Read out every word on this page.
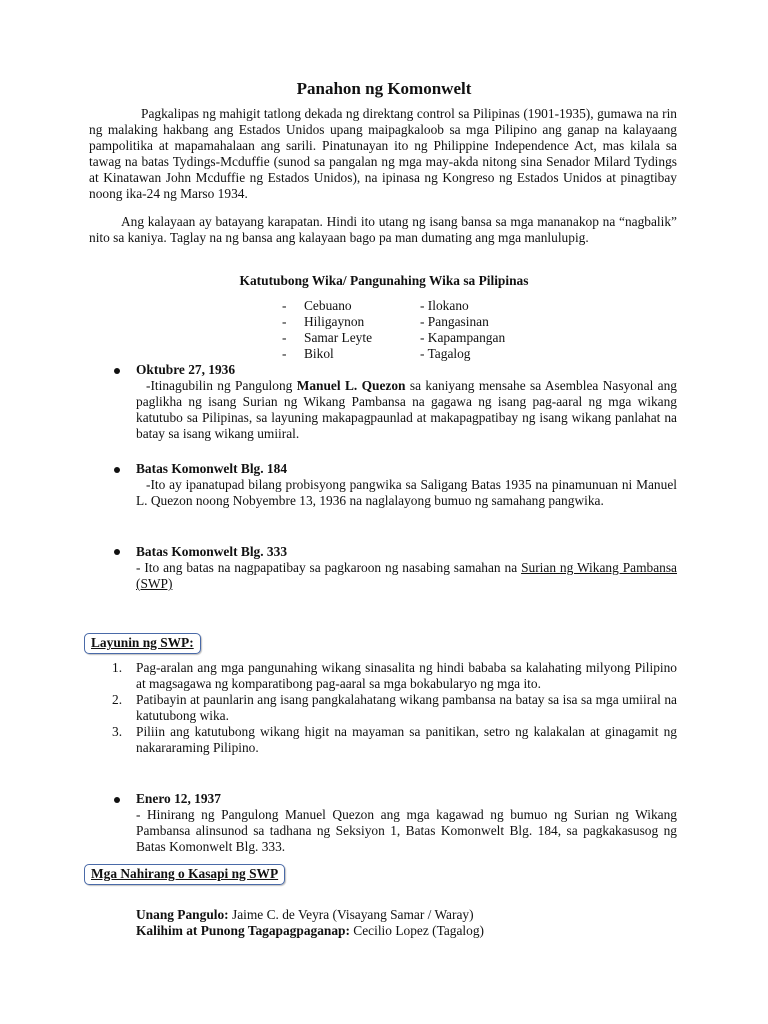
Panahon ng Komonwelt
Pagkalipas ng mahigit tatlong dekada ng direktang control sa Pilipinas (1901-1935), gumawa na rin ng malaking hakbang ang Estados Unidos upang maipagkaloob sa mga Pilipino ang ganap na kalayaang pampolitika at mapamahalaan ang sarili. Pinatunayan ito ng Philippine Independence Act, mas kilala sa tawag na batas Tydings-Mcduffie (sunod sa pangalan ng mga may-akda nitong sina Senador Milard Tydings at Kinatawan John Mcduffie ng Estados Unidos), na ipinasa ng Kongreso ng Estados Unidos at pinagtibay noong ika-24 ng Marso 1934.
Ang kalayaan ay batayang karapatan. Hindi ito utang ng isang bansa sa mga mananakop na “nagbalik” nito sa kaniya. Taglay na ng bansa ang kalayaan bago pa man dumating ang mga manlulupig.
Katutubong Wika/ Pangunahing Wika sa Pilipinas
-	Cebuano	- Ilokano
-	Hiligaynon	- Pangasinan
-	Samar Leyte	- Kapampangan
-	Bikol	- Tagalog
Oktubre 27, 1936
-Itinagubilin ng Pangulong Manuel L. Quezon sa kaniyang mensahe sa Asemblea Nasyonal ang paglikha ng isang Surian ng Wikang Pambansa na gagawa ng isang pag-aaral ng mga wikang katutubo sa Pilipinas, sa layuning makapagpaunlad at makapagpatibay ng isang wikang panlahat na batay sa isang wikang umiiral.
Batas Komonwelt Blg. 184
-Ito ay ipanatupad bilang probisyong pangwika sa Saligang Batas 1935 na pinamunuan ni Manuel L. Quezon noong Nobyembre 13, 1936 na naglalayong bumuo ng samahang pangwika.
Batas Komonwelt Blg. 333
- Ito ang batas na nagpapatibay sa pagkaroon ng nasabing samahan na Surian ng Wikang Pambansa (SWP)
Layunin ng SWP:
1.	Pag-aralan ang mga pangunahing wikang sinasalita ng hindi bababa sa kalahating milyong Pilipino at magsagawa ng komparatibong pag-aaral sa mga bokabularyo ng mga ito.
2.	Patibayin at paunlarin ang isang pangkalahatang wikang pambansa na batay sa isa sa mga umiiral na katutubong wika.
3.	Piliin ang katutubong wikang higit na mayaman sa panitikan, setro ng kalakalan at ginagamit ng nakararaming Pilipino.
Enero 12, 1937
- Hinirang ng Pangulong Manuel Quezon ang mga kagawad ng bumuo ng Surian ng Wikang Pambansa alinsunod sa tadhana ng Seksiyon 1, Batas Komonwelt Blg. 184, sa pagkakasusog ng Batas Komonwelt Blg. 333.
Mga Nahirang o Kasapi ng SWP
Unang Pangulo: Jaime C. de Veyra (Visayang Samar / Waray)
Kalihim at Punong Tagapagpaganap: Cecilio Lopez (Tagalog)
